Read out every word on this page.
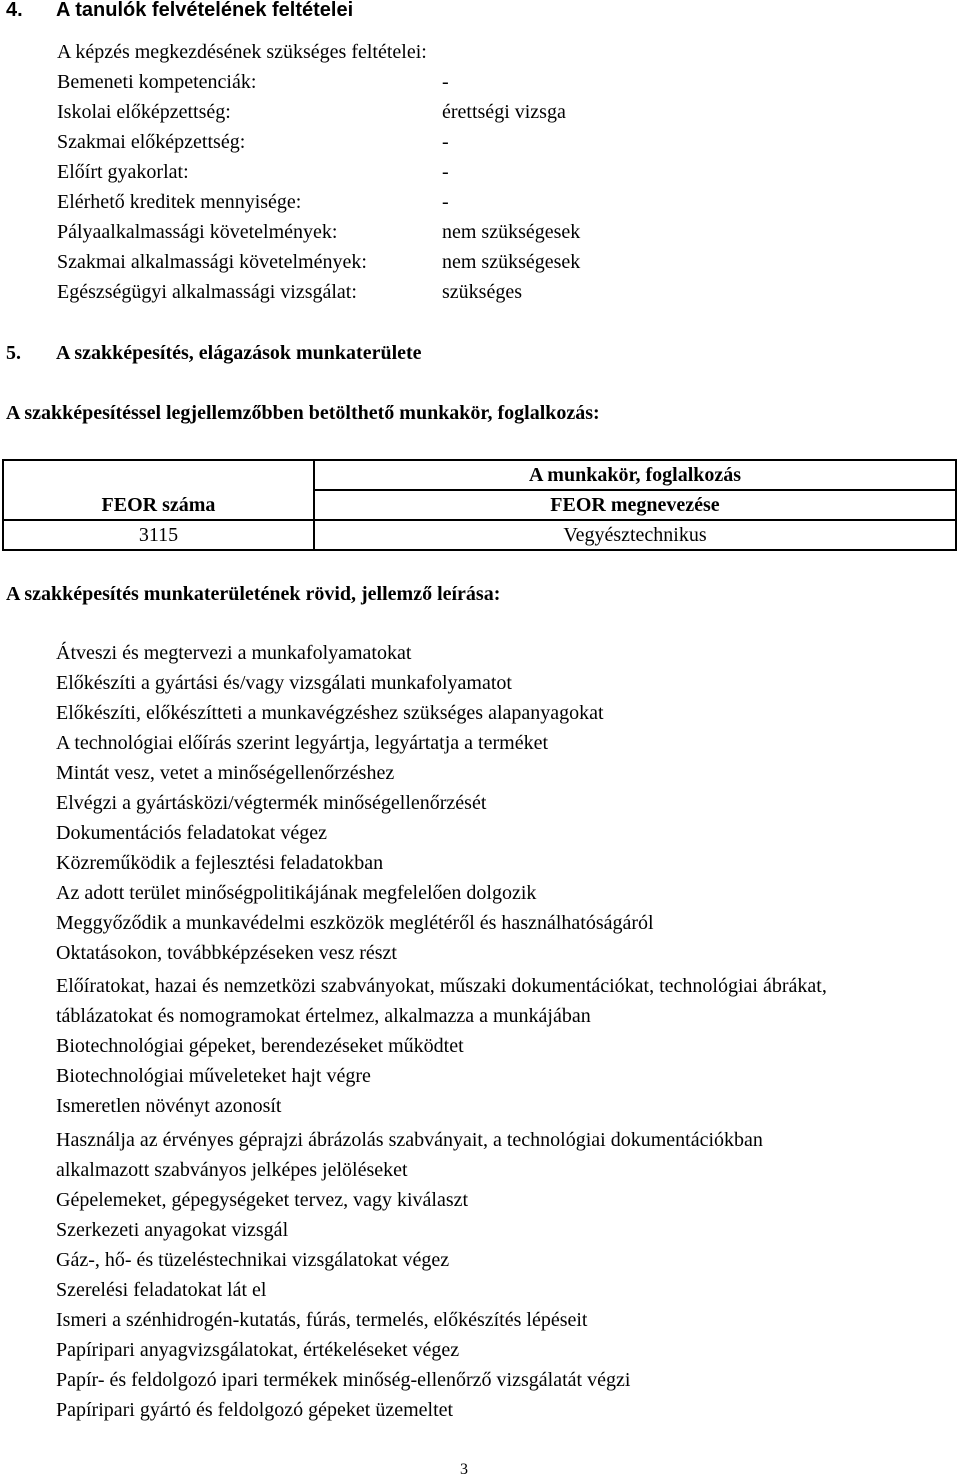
4. A tanulók felvételének feltételei
A képzés megkezdésének szükséges feltételei:
Bemeneti kompetenciák:	-
Iskolai előképzettség:	érettségi vizsga
Szakmai előképzettség:	-
Előírt gyakorlat:	-
Elérhető kreditek mennyisége:	-
Pályaalkalmassági követelmények:	nem szükségesek
Szakmai alkalmassági követelmények:	nem szükségesek
Egészségügyi alkalmassági vizsgálat:	szükséges
5. A szakképesítés, elágazások munkaterülete
A szakképesítéssel legjellemzőbben betölthető munkakör, foglalkozás:
	A munkakör, foglalkozás
FEOR száma	FEOR megnevezése
3115	Vegyésztechnikus
A szakképesítés munkaterületének rövid, jellemző leírása:
Átveszi és megtervezi a munkafolyamatokat
Előkészíti a gyártási és/vagy vizsgálati munkafolyamatot
Előkészíti, előkészítteti a munkavégzéshez szükséges alapanyagokat
A technológiai előírás szerint legyártja, legyártatja a terméket
Mintát vesz, vetet a minőségellenőrzéshez
Elvégzi a gyártásközi/végtermék minőségellenőrzését
Dokumentációs feladatokat végez
Közreműködik a fejlesztési feladatokban
Az adott terület minőségpolitikájának megfelelően dolgozik
Meggyőződik a munkavédelmi eszközök meglétéről és használhatóságáról
Oktatásokon, továbbképzéseken vesz részt
Előíratokat, hazai és nemzetközi szabványokat, műszaki dokumentációkat, technológiai ábrákat,
táblázatokat és nomogramokat értelmez, alkalmazza a munkájában
Biotechnológiai gépeket, berendezéseket működtet
Biotechnológiai műveleteket hajt végre
Ismeretlen növényt azonosít
Használja az érvényes géprajzi ábrázolás szabványait, a technológiai dokumentációkban
alkalmazott szabványos jelképes jelöléseket
Gépelemeket, gépegységeket tervez, vagy kiválaszt
Szerkezeti anyagokat vizsgál
Gáz-, hő- és tüzeléstechnikai vizsgálatokat végez
Szerelési feladatokat lát el
Ismeri a szénhidrogén-kutatás, fúrás, termelés, előkészítés lépéseit
Papíripari anyagvizsgálatokat, értékeléseket végez
Papír- és feldolgozó ipari termékek minőség-ellenőrző vizsgálatát végzi
Papíripari gyártó és feldolgozó gépeket üzemeltet
3
